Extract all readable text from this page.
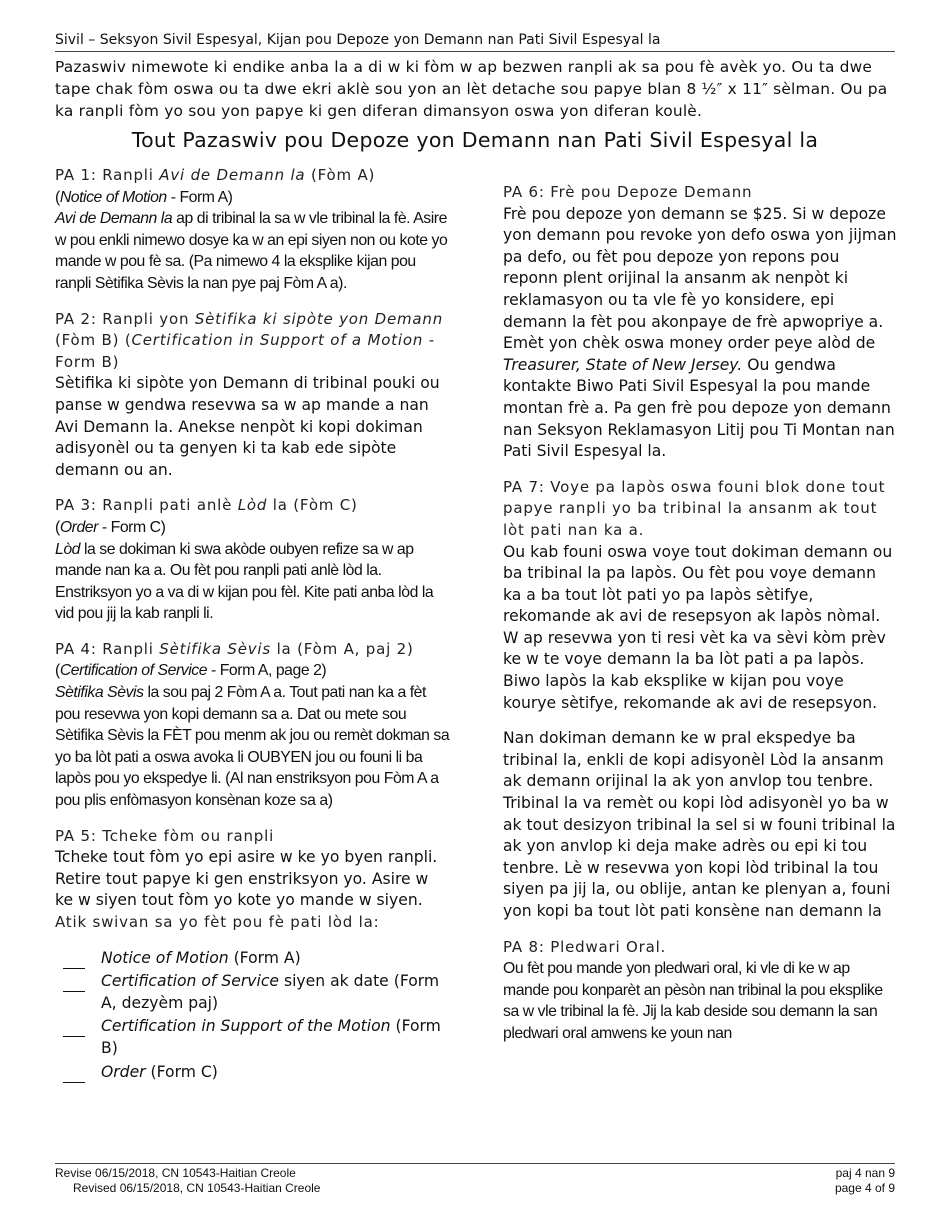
Sivil – Seksyon Sivil Espesyal, Kijan pou Depoze yon Demann nan Pati Sivil Espesyal la
Pazaswiv nimewote ki endike anba la a di w ki fòm w ap bezwen ranpli ak sa pou fè avèk yo. Ou ta dwe tape chak fòm oswa ou ta dwe ekri aklè sou yon an lèt detache sou papye blan 8 ½″ x 11″ sèlman. Ou pa ka ranpli fòm yo sou yon papye ki gen diferan dimansyon oswa yon diferan koulè.
Tout Pazaswiv pou Depoze yon Demann nan Pati Sivil Espesyal la
PA 1: Ranpli Avi de Demann la (Fòm A)
(Notice of Motion - Form A)
Avi de Demann la ap di tribinal la sa w vle tribinal la fè. Asire w pou enkli nimewo dosye ka w an epi siyen non ou kote yo mande w pou fè sa. (Pa nimewo 4 la eksplike kijan pou ranpli Sètifika Sèvis la nan pye paj Fòm A a).
PA 2: Ranpli yon Sètifika ki sipòte yon Demann (Fòm B) (Certification in Support of a Motion - Form B)
Sètifika ki sipòte yon Demann di tribinal pouki ou panse w gendwa resevwa sa w ap mande a nan Avi Demann la. Anekse nenpòt ki kopi dokiman adisyonèl ou ta genyen ki ta kab ede sipòte demann ou an.
PA 3: Ranpli pati anlè Lòd la (Fòm C)
(Order - Form C)
Lòd la se dokiman ki swa akòde oubyen refize sa w ap mande nan ka a. Ou fèt pou ranpli pati anlè lòd la. Enstriksyon yo a va di w kijan pou fèl. Kite pati anba lòd la vid pou jij la kab ranpli li.
PA 4: Ranpli Sètifika Sèvis la (Fòm A, paj 2)
(Certification of Service - Form A, page 2)
Sètifika Sèvis la sou paj 2 Fòm A a. Tout pati nan ka a fèt pou resevwa yon kopi demann sa a. Dat ou mete sou Sètifika Sèvis la FÈT pou menm ak jou ou remèt dokman sa yo ba lòt pati a oswa avoka li OUBYEN jou ou founi li ba lapòs pou yo ekspedye li. (Al nan enstriksyon pou Fòm A a pou plis enfòmasyon konsènan koze sa a)
PA 5: Tcheke fòm ou ranpli
Tcheke tout fòm yo epi asire w ke yo byen ranpli. Retire tout papye ki gen enstriksyon yo. Asire w ke w siyen tout fòm yo kote yo mande w siyen. Atik swivan sa yo fèt pou fè pati lòd la:
Notice of Motion (Form A)
Certification of Service siyen ak date (Form A, dezyèm paj)
Certification in Support of the Motion (Form B)
Order (Form C)
PA 6: Frè pou Depoze Demann
Frè pou depoze yon demann se $25. Si w depoze yon demann pou revoke yon defo oswa yon jijman pa defo, ou fèt pou depoze yon repons pou reponn plent orijinal la ansanm ak nenpòt ki reklamasyon ou ta vle fè yo konsidere, epi demann la fèt pou akonpaye de frè apwopriye a. Emèt yon chèk oswa money order peye alòd de Treasurer, State of New Jersey. Ou gendwa kontakte Biwo Pati Sivil Espesyal la pou mande montan frè a. Pa gen frè pou depoze yon demann nan Seksyon Reklamasyon Litij pou Ti Montan nan Pati Sivil Espesyal la.
PA 7: Voye pa lapòs oswa founi blok done tout papye ranpli yo ba tribinal la ansanm ak tout lòt pati nan ka a.
Ou kab founi oswa voye tout dokiman demann ou ba tribinal la pa lapòs. Ou fèt pou voye demann ka a ba tout lòt pati yo pa lapòs sètifye, rekomande ak avi de resepsyon ak lapòs nòmal. W ap resevwa yon ti resi vèt ka va sèvi kòm prèv ke w te voye demann la ba lòt pati a pa lapòs. Biwo lapòs la kab eksplike w kijan pou voye kourye sètifye, rekomande ak avi de resepsyon.
Nan dokiman demann ke w pral ekspedye ba tribinal la, enkli de kopi adisyonèl Lòd la ansanm ak demann orijinal la ak yon anvlop tou tenbre. Tribinal la va remèt ou kopi lòd adisyonèl yo ba w ak tout desizyon tribinal la sel si w founi tribinal la ak yon anvlop ki deja make adrès ou epi ki tou tenbre. Lè w resevwa yon kopi lòd tribinal la tou siyen pa jij la, ou oblije, antan ke plenyan a, founi yon kopi ba tout lòt pati konsène nan demann la
PA 8: Pledwari Oral.
Ou fèt pou mande yon pledwari oral, ki vle di ke w ap mande pou konparèt an pèsòn nan tribinal la pou eksplike sa w vle tribinal la fè. Jij la kab deside sou demann la san pledwari oral amwens ke youn nan
Revise 06/15/2018, CN 10543-Haitian Creole	paj 4 nan 9
Revised 06/15/2018, CN 10543-Haitian Creole	page 4 of 9
